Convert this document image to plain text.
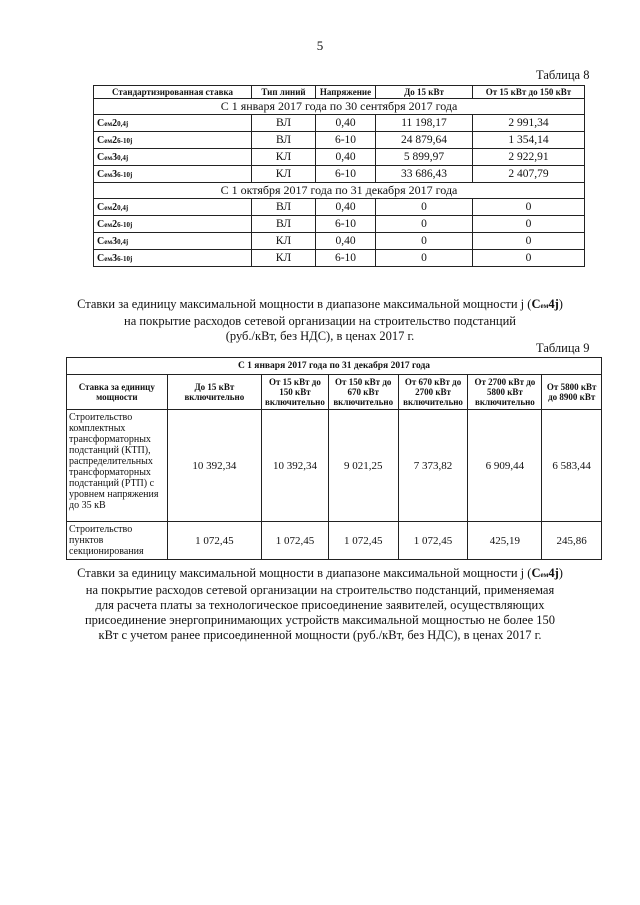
5
Таблица 8
Стандартизированная ставка	Тип линий	Напряжение	До 15 кВт	От 15 кВт до 150 кВт
С 1 января 2017 года по 30 сентября 2017 года				
Сем20,4j	ВЛ	0,40	11 198,17	2 991,34
Сем26-10j	ВЛ	6-10	24 879,64	1 354,14
Сем30,4j	КЛ	0,40	5 899,97	2 922,91
Сем36-10j	КЛ	6-10	33 686,43	2 407,79
С 1 октября 2017 года по 31 декабря 2017 года				
Сем20,4j	ВЛ	0,40	0	0
Сем26-10j	ВЛ	6-10	0	0
Сем30,4j	КЛ	0,40	0	0
Сем36-10j	КЛ	6-10	0	0
Ставки за единицу максимальной мощности в диапазоне максимальной мощности j (Сем4j)
на покрытие расходов сетевой организации на строительство подстанций
(руб./кВт, без НДС), в ценах 2017 г.
Таблица 9
С 1 января 2017 года по 31 декабря 2017 года						
Ставка за единицу мощности	До 15 кВт включительно	От 15 кВт до 150 кВт включительно	От 150 кВт до 670 кВт включительно	От 670 кВт до 2700 кВт включительно	От 2700 кВт до 5800 кВт включительно	От 5800 кВт до 8900 кВт
Строительство комплектных трансформаторных подстанций (КТП), распределительных трансформаторных подстанций (РТП) с уровнем напряжения до 35 кВ	10 392,34	10 392,34	9 021,25	7 373,82	6 909,44	6 583,44
Строительство пунктов секционирования	1 072,45	1 072,45	1 072,45	1 072,45	425,19	245,86
Ставки за единицу максимальной мощности в диапазоне максимальной мощности j (Сем4j)
на покрытие расходов сетевой организации на строительство подстанций, применяемая
для расчета платы за технологическое присоединение заявителей, осуществляющих
присоединение энергопринимающих устройств максимальной мощностью не более 150
кВт с учетом ранее присоединенной мощности (руб./кВт, без НДС), в ценах 2017 г.
